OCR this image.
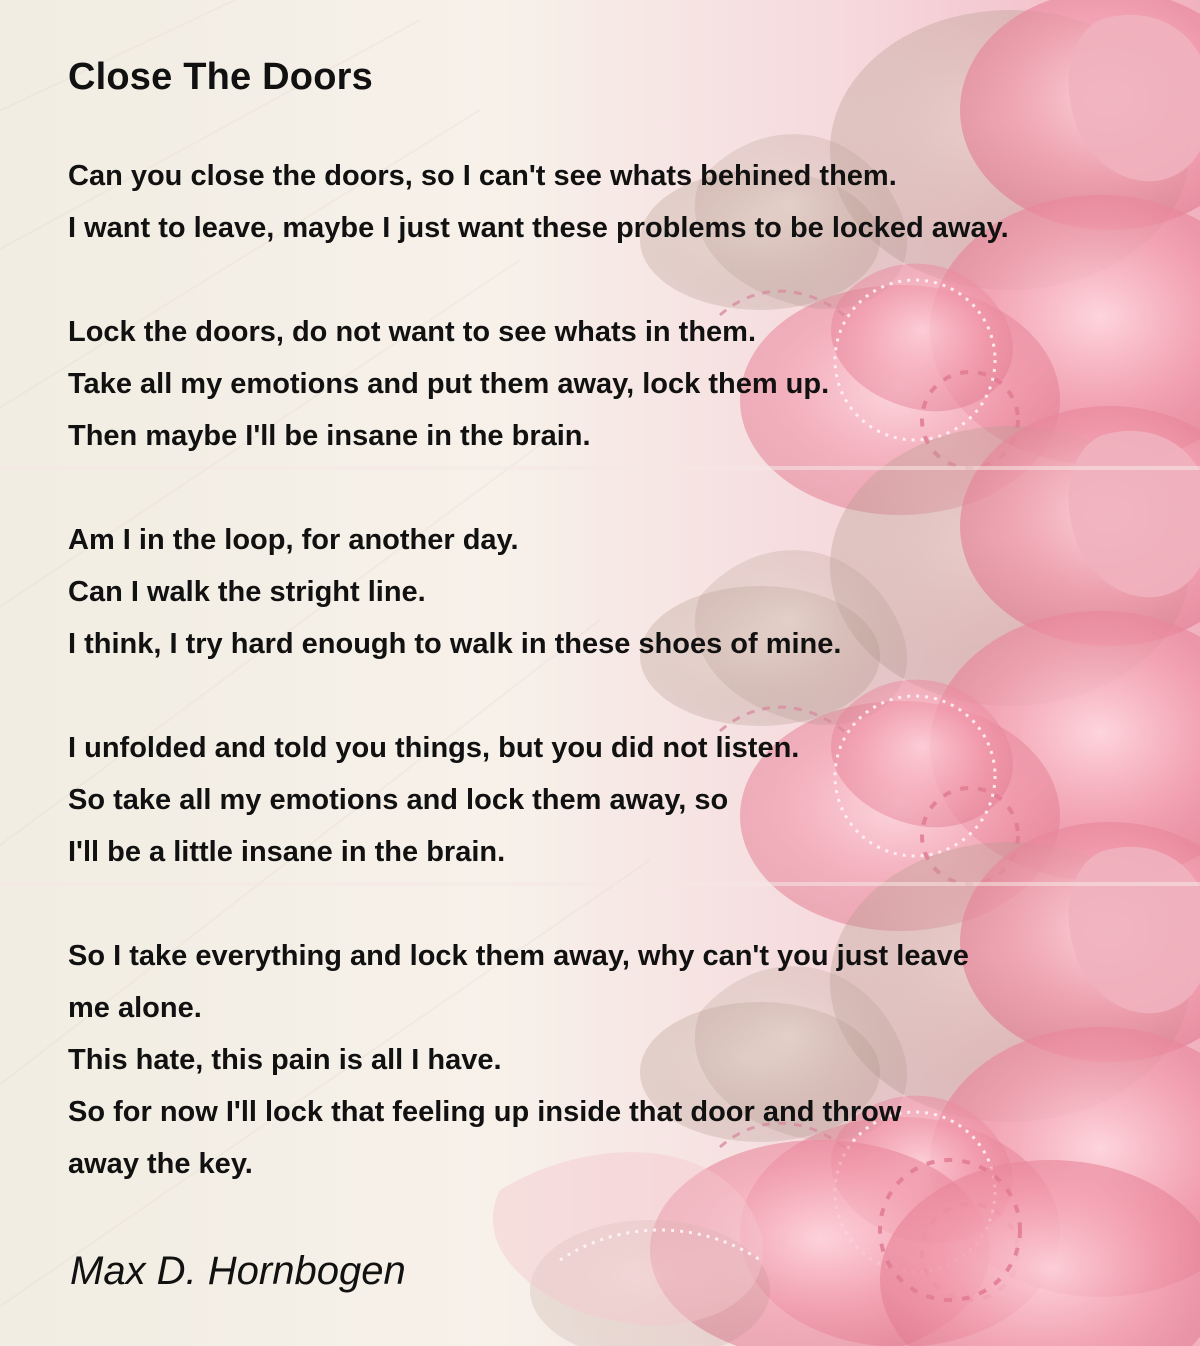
Close The Doors
Can you close the doors, so I can't see whats behined them.
I want to leave, maybe I just want these problems to be locked away.
Lock the doors, do not want to see whats in them.
Take all my emotions and put them away, lock them up.
Then maybe I'll be insane in the brain.
Am I in the loop, for another day.
Can I walk the stright line.
I think, I try hard enough to walk in these shoes of mine.
I unfolded and told you things, but you did not listen.
So take all my emotions and lock them away, so
I'll be a little insane in the brain.
So I take everything and lock them away, why can't you just leave
me alone.
This hate, this pain is all I have.
So for now I'll lock that feeling up inside that door and throw
away the key.

Max D. Hornbogen
